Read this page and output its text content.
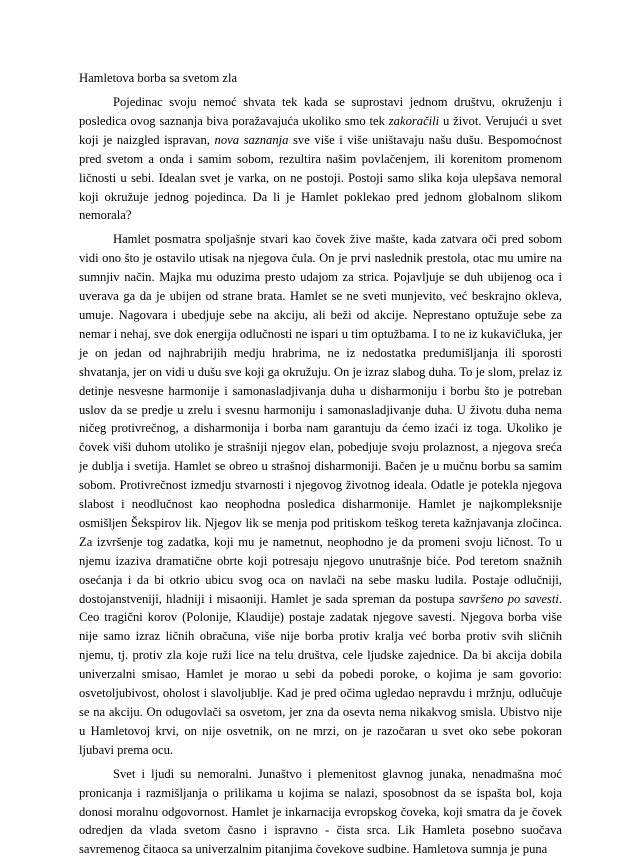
Hamletova borba sa svetom zla

Pojedinac svoju nemoć shvata tek kada se suprostavi jednom društvu, okruženju i posledica ovog saznanja biva poražavajuća ukoliko smo tek zakoračili u život. Verujući u svet koji je naizgled ispravan, nova saznanja sve više i više uništavaju našu dušu. Bespomoćnost pred svetom a onda i samim sobom, rezultira našim povlačenjem, ili korenitom promenom ličnosti u sebi. Idealan svet je varka, on ne postoji. Postoji samo slika koja ulepšava nemoral koji okružuje jednog pojedinca. Da li je Hamlet poklekao pred jednom globalnom slikom nemorala?

Hamlet posmatra spoljašnje stvari kao čovek žive mašte, kada zatvara oči pred sobom vidi ono što je ostavilo utisak na njegova čula. On je prvi naslednik prestola, otac mu umire na sumnjiv način. Majka mu oduzima presto udajom za strica. Pojavljuje se duh ubijenog oca i uverava ga da je ubijen od strane brata. Hamlet se ne sveti munjevito, već beskrajno okleva, umuje. Nagovara i ubedjuje sebe na akciju, ali beži od akcije. Neprestano optužuje sebe za nemar i nehaj, sve dok energija odlučnosti ne ispari u tim optužbama. I to ne iz kukavičluka, jer je on jedan od najhrabrijih medju hrabrima, ne iz nedostatka predumišljanja ili sporosti shvatanja, jer on vidi u dušu sve koji ga okružuju. On je izraz slabog duha. To je slom, prelaz iz detinje nesvesne harmonije i samonasladjivanja duha u disharmoniju i borbu što je potreban uslov da se predje u zrelu i svesnu harmoniju i samonasladjivanje duha. U životu duha nema ničeg protivrečnog, a disharmonija i borba nam garantuju da ćemo izaći iz toga. Ukoliko je čovek viši duhom utoliko je strašniji njegov elan, pobedjuje svoju prolaznost, a njegova sreća je dublja i svetija. Hamlet se obreo u strašnoj disharmoniji. Bačen je u mučnu borbu sa samim sobom. Protivrečnost izmedju stvarnosti i njegovog životnog ideala. Odatle je potekla njegova slabost i neodlučnost kao neophodna posledica disharmonije. Hamlet je najkompleksnije osmišljen Šekspirov lik. Njegov lik se menja pod pritiskom teškog tereta kažnjavanja zločinca. Za izvršenje tog zadatka, koji mu je nametnut, neophodno je da promeni svoju ličnost. To u njemu izaziva dramatične obrte koji potresaju njegovo unutrašnje biće. Pod teretom snažnih osećanja i da bi otkrio ubicu svog oca on navlači na sebe masku ludila. Postaje odlučniji, dostojanstveniji, hladniji i misaoniji. Hamlet je sada spreman da postupa savršeno po savesti. Ceo tragični korov (Polonije, Klaudije) postaje zadatak njegove savesti. Njegova borba više nije samo izraz ličnih obračuna, više nije borba protiv kralja već borba protiv svih sličnih njemu, tj. protiv zla koje ruži lice na telu društva, cele ljudske zajednice. Da bi akcija dobila univerzalni smisao, Hamlet je morao u sebi da pobedi poroke, o kojima je sam govorio: osvetoljubivost, oholost i slavoljublje. Kad je pred očima ugledao nepravdu i mržnju, odlučuje se na akciju. On odugovlači sa osvetom, jer zna da osevta nema nikakvog smisla. Ubistvo nije u Hamletovoj krvi, on nije osvetnik, on ne mrzi, on je razočaran u svet oko sebe pokoran ljubavi prema ocu.

Svet i ljudi su nemoralni. Junaštvo i plemenitost glavnog junaka, nenadmašna moć pronicanja i razmišljanja o prilikama u kojima se nalazi, sposobnost da se ispašta bol, koja donosi moralnu odgovornost. Hamlet je inkarnacija evropskog čoveka, koji smatra da je čovek odredjen da vlada svetom časno i ispravno - čista srca. Lik Hamleta posebno suočava savremenog čitaoca sa univerzalnim pitanjima čovekove sudbine. Hamletova sumnja je puna
